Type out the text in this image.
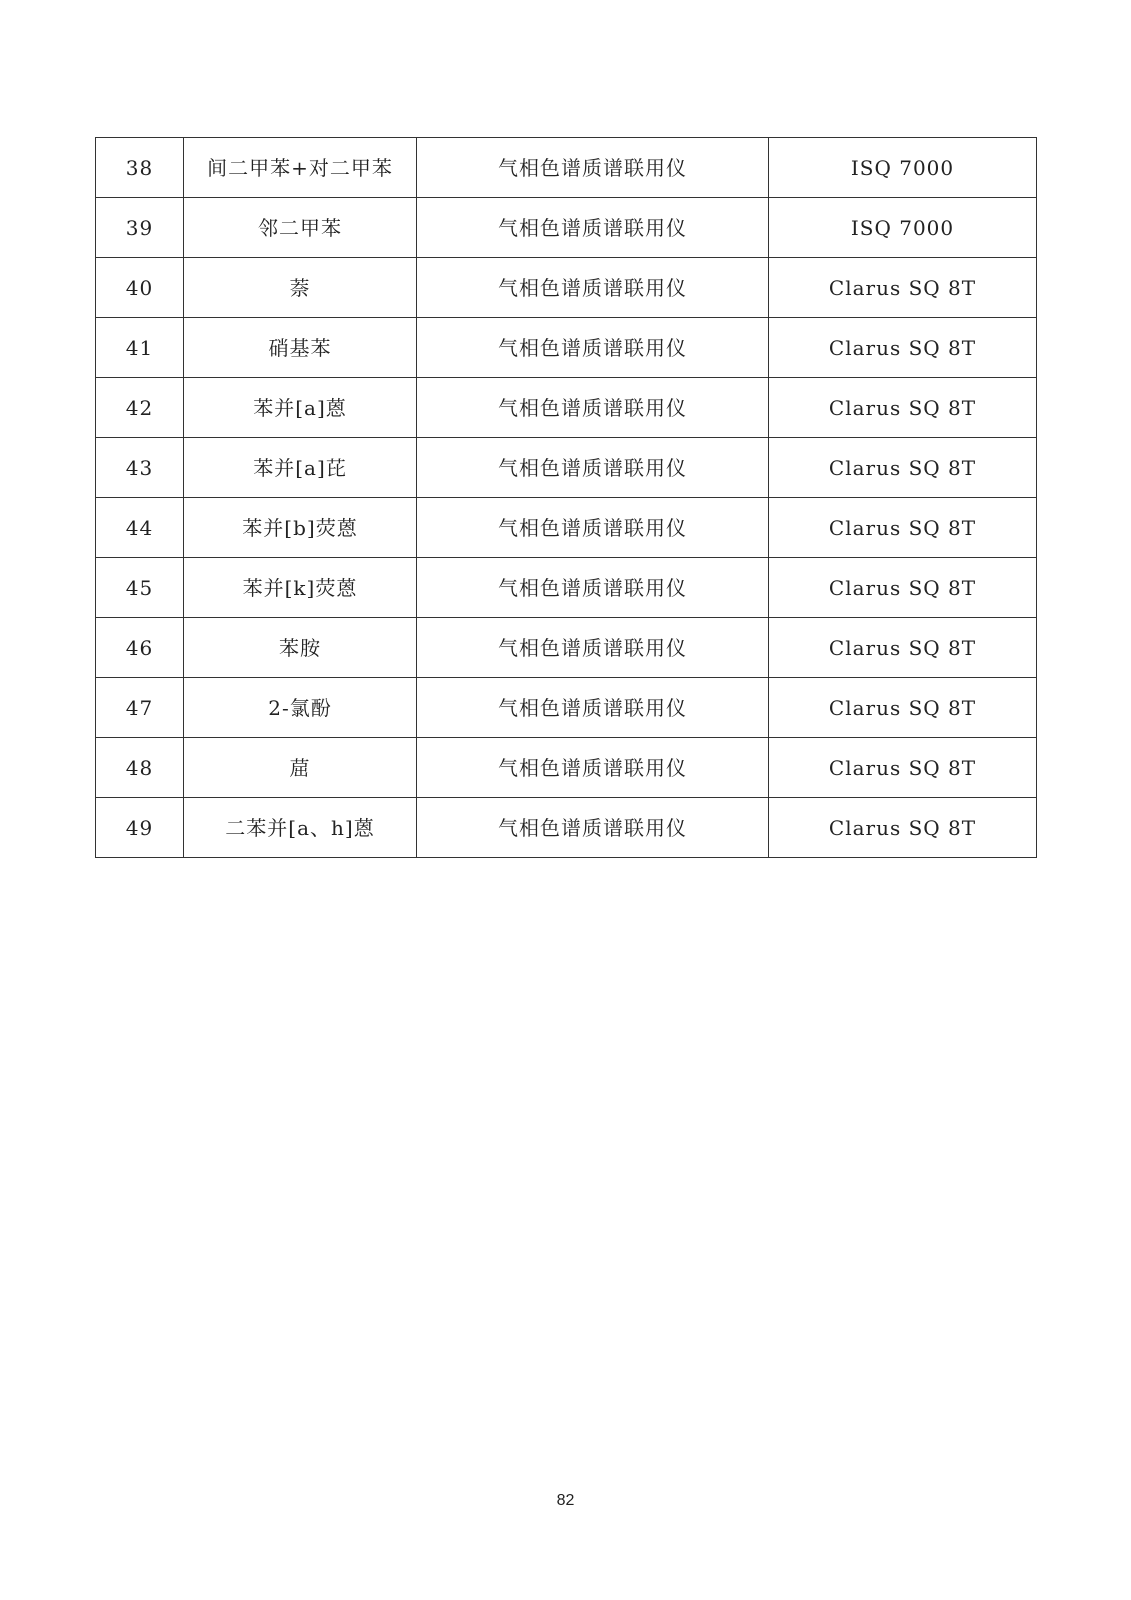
38	间二甲苯+对二甲苯	气相色谱质谱联用仪	ISQ 7000
39	邻二甲苯	气相色谱质谱联用仪	ISQ 7000
40	萘	气相色谱质谱联用仪	Clarus SQ 8T
41	硝基苯	气相色谱质谱联用仪	Clarus SQ 8T
42	苯并[a]蒽	气相色谱质谱联用仪	Clarus SQ 8T
43	苯并[a]芘	气相色谱质谱联用仪	Clarus SQ 8T
44	苯并[b]荧蒽	气相色谱质谱联用仪	Clarus SQ 8T
45	苯并[k]荧蒽	气相色谱质谱联用仪	Clarus SQ 8T
46	苯胺	气相色谱质谱联用仪	Clarus SQ 8T
47	2-氯酚	气相色谱质谱联用仪	Clarus SQ 8T
48	䓛	气相色谱质谱联用仪	Clarus SQ 8T
49	二苯并[a、h]蒽	气相色谱质谱联用仪	Clarus SQ 8T
82
